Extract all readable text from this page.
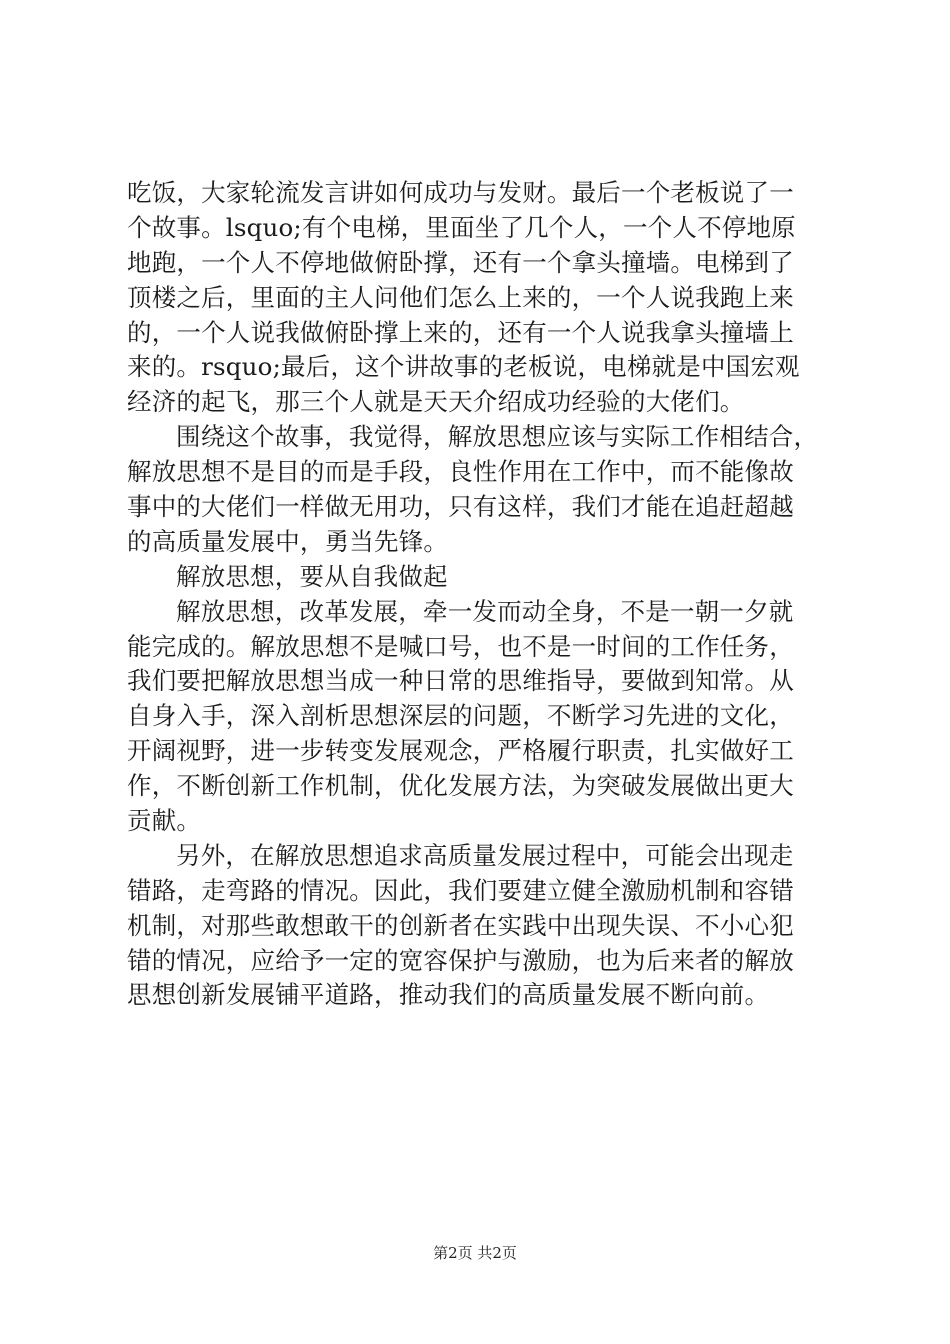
吃饭，大家轮流发言讲如何成功与发财。最后一个老板说了一
个故事。lsquo;有个电梯，里面坐了几个人，一个人不停地原
地跑，一个人不停地做俯卧撑，还有一个拿头撞墙。电梯到了
顶楼之后，里面的主人问他们怎么上来的，一个人说我跑上来
的，一个人说我做俯卧撑上来的，还有一个人说我拿头撞墙上
来的。rsquo;最后，这个讲故事的老板说，电梯就是中国宏观
经济的起飞，那三个人就是天天介绍成功经验的大佬们。
围绕这个故事，我觉得，解放思想应该与实际工作相结合，
解放思想不是目的而是手段，良性作用在工作中，而不能像故
事中的大佬们一样做无用功，只有这样，我们才能在追赶超越
的高质量发展中，勇当先锋。
解放思想，要从自我做起
解放思想，改革发展，牵一发而动全身，不是一朝一夕就
能完成的。解放思想不是喊口号，也不是一时间的工作任务，
我们要把解放思想当成一种日常的思维指导，要做到知常。从
自身入手，深入剖析思想深层的问题，不断学习先进的文化，
开阔视野，进一步转变发展观念，严格履行职责，扎实做好工
作，不断创新工作机制，优化发展方法，为突破发展做出更大
贡献。
另外，在解放思想追求高质量发展过程中，可能会出现走
错路，走弯路的情况。因此，我们要建立健全激励机制和容错
机制，对那些敢想敢干的创新者在实践中出现失误、不小心犯
错的情况，应给予一定的宽容保护与激励，也为后来者的解放
思想创新发展铺平道路，推动我们的高质量发展不断向前。
第2页 共2页
